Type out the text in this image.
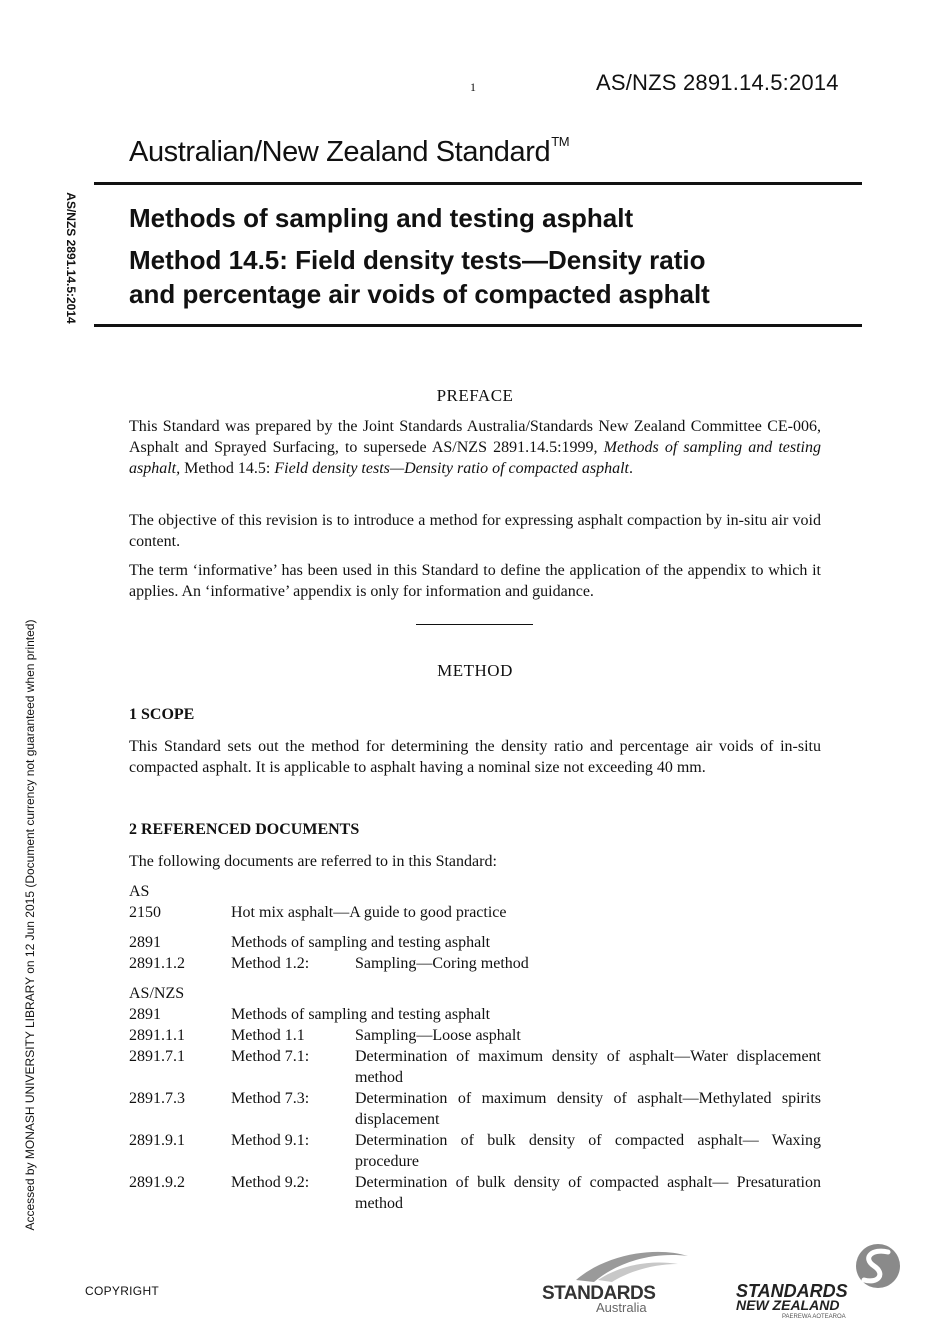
1	AS/NZS 2891.14.5:2014
Australian/New Zealand Standard™
Methods of sampling and testing asphalt
Method 14.5: Field density tests—Density ratio
and percentage air voids of compacted asphalt
AS/NZS 2891.14.5:2014
Accessed by MONASH UNIVERSITY LIBRARY on 12 Jun 2015 (Document currency not guaranteed when printed)
PREFACE
This Standard was prepared by the Joint Standards Australia/Standards New Zealand Committee CE-006, Asphalt and Sprayed Surfacing, to supersede AS/NZS 2891.14.5:1999, Methods of sampling and testing asphalt, Method 14.5: Field density tests—Density ratio of compacted asphalt.
The objective of this revision is to introduce a method for expressing asphalt compaction by in-situ air void content.
The term ‘informative’ has been used in this Standard to define the application of the appendix to which it applies. An ‘informative’ appendix is only for information and guidance.
METHOD
1 SCOPE
This Standard sets out the method for determining the density ratio and percentage air voids of in-situ compacted asphalt. It is applicable to asphalt having a nominal size not exceeding 40 mm.
2 REFERENCED DOCUMENTS
The following documents are referred to in this Standard:
AS
2150	Hot mix asphalt—A guide to good practice
2891	Methods of sampling and testing asphalt
2891.1.2	Method 1.2:	Sampling—Coring method
AS/NZS
2891	Methods of sampling and testing asphalt
2891.1.1	Method 1.1	Sampling—Loose asphalt
2891.7.1	Method 7.1:	Determination of maximum density of asphalt—Water displacement method
2891.7.3	Method 7.3:	Determination of maximum density of asphalt—Methylated spirits displacement
2891.9.1	Method 9.1:	Determination of bulk density of compacted asphalt— Waxing procedure
2891.9.2	Method 9.2:	Determination of bulk density of compacted asphalt— Presaturation method
COPYRIGHT	STANDARDS
Australia
STANDARDS
NEW ZEALAND
PAEREWA AOTEAROA
